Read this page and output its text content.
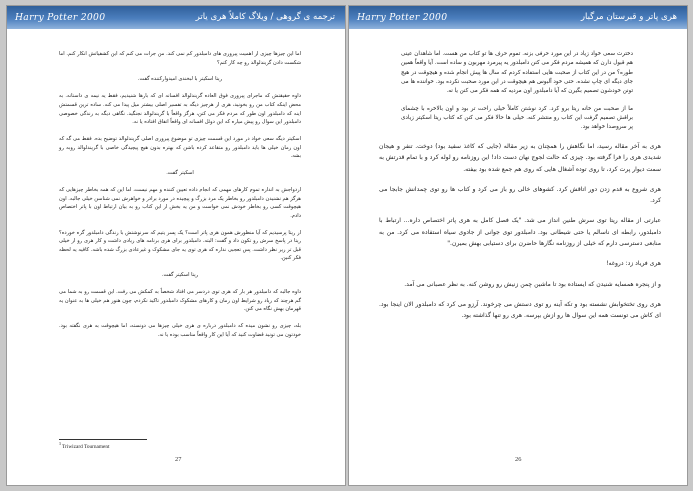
Harry Potter 2000	ترجمه ی گروهی / ویلاگ کاملاً هری یاتر

اما این چیزها چیزی از اهمیت پیروزی های دامبلدور کم نمی کند. من جرات می کنم که این کشفیاتش انکار کنم. اما شکست دادن گریندلوالد رو چه کار کنم؟

ریتا اسکیتر با لبخندی امیدوارکننده گفت.

داوه حقیقتش که ماجرای پیروزی فوق العاده گریندلوالد افسانه ای که بارها شنیدیم، فقط یه نیمه ی داستانه. به محض اینکه کتاب من رو بخونید، هری از هرچیز دیگه به تفسیر اصلی بیشتر میل پیدا می کنه. ساده ترین قسمتش اینه که دامبلدور اون طور که مردم فکر می کنن، هرگز واقعاً با گریندلوالد نجنگید. نگاهی دیگه به زندگی خصوصی دامبلدور این سوال رو پیش میاره که این دوئل افسانه ای واقعاً اتفاق افتاده یا نه.

اسکیتر دیگه سعی خواد در مورد این قسمت چیزی تو موضوع پیروزی اصلی گریندلوالد توضیح بده. فقط می گه که اون زمان خیلی ها باید دامبلدور رو متقاعد کرده باشن که بهتره بدون هیچ پیچیدگی خاصی با گریندلوالد روبه رو بشه.

اسکیتر گفت.

ازدواجش به اندازه تموم کارهای مهمی که انجام داده تعیین کننده و مهم نیست، اما این که همه بخاطر چیزهایی که هرگز هم نشنیدن دامبلدور رو بخاطر یک مرد بزرگ و پیچیده در مورد برادر و خواهرش نمی شناسن خیلی جالبه. اون هیچوقت کسی رو بخاطر خودش نمی خواست و من یه بخش از این کتاب رو به بیان ارتباط اون با پاتر اختصاص دادم.

از ریتا پرسیدیم که آیا منظورش همون هری پاتر است؟ یک پسر یتیم که سرنوشتش با زندگی دامبلدور گره خورده؟ ریتا در پاسخ سرش رو تکون داد و گفت: البته. دامبلدور برای هری برنامه های زیادی داشت و کار هری رو از خیلی قبل تر زیر نظر داشت. پس تعجبی نداره که هری توی یه جای مشکوک و غیرعادی بزرگ شده باشه. کافیه یه لحظه فکر کنین.

ریتا اسکیتر گفت.

داوه جالبه که دامبلدور هر بار که هری توی دردسر می افتاد شخصاً به کمکش می رفت. این قسمت رو به شما می گم هرچند که زیاد رو شرایط اون زمان و کارهای مشکوک دامبلدور تاکید نکردم، چون هنوز هم خیلی ها به عنوان یه قهرمان بهش نگاه می کنن.

بله، چیزی رو نشون میده که دامبلدور درباره ی هری خیلی چیزها می دونسته، اما هیچوقت به هری نگفته بود. خودتون می تونید قضاوت کنید که آیا این کار واقعاً مناسب بوده یا نه.

$^3$ Triwizard Tournament
27
Harry Potter 2000	هری پاتر و قبرستان مرگبار

دخترت سعی خواد زیاد در این مورد حرفی بزنه. تموم حرف ها تو کتاب من هست. اما شاهدان عینی هم قبول دارن که همیشه مردم فکر می کنن دامبلدور یه پیرمرد مهربون و ساده است. آیا واقعاً همین طوره؟ من در این کتاب از صحبت هایی استفاده کردم که سال ها پیش انجام شده و هیچوقت در هیچ جای دیگه ای چاپ نشده. حتی خود آلبوس هم هیچوقت در این مورد صحبت نکرده بود. خواننده ها می تونن خودشون تصمیم بگیرن که آیا دامبلدور اون مردیه که همه فکر می کنن یا نه.

ما از صحبت من خانه ریتا برو کرد. کرد نوشتن کاملاً خیلی راحت تر بود و اون بالاخره با چشمای براقش تصمیم گرفت این کتاب رو منتشر کنه. خیلی ها حالا فکر می کنن که کتاب ریتا اسکیتر زیادی پر سروصدا خواهد بود.

هری به آخر مقاله رسید، اما نگاهش را همچنان به زیر مقاله (جایی که کاغذ سفید بود) دوخت. تنفر و هیجان شدیدی هری را فرا گرفته بود. چیزی که حالت لجوج نهان دست داد! این روزنامه رو لوله کرد و با تمام قدرتش به سمت دیوار پرت کرد، تا روی توده آشغال هایی که روی هم جمع شده بود بیفته.

هری شروع به قدم زدن دور اتاقش کرد. کشوهای خالی رو باز می کرد و کتاب ها رو توی چمدانش جابجا می کرد.

عبارتی از مقاله ریتا توی سرش طنین انداز می شد. "یک فصل کامل به هری پاتر اختصاص داره... ارتباط با دامبلدور، رابطه ای ناسالم یا حتی شیطانی بود. دامبلدور توی جوانی از جادوی سیاه استفاده می کرد. من به منابعی دسترسی دارم که خیلی از روزنامه نگارها حاضرن برای دستیابی بهش بمیرن."

هری فریاد زد: دروغه!

و از پنجره همسایه شنیدن که ایستاده بود تا ماشین چمن زنیش رو روشن کنه. به نظر عصبانی می آمد.

هری روی تختخوابش نشسته بود و تکه آینه رو توی دستش می چرخوند. آرزو می کرد که دامبلدور الان اینجا بود. ای کاش می تونست همه این سوال ها رو ازش بپرسه. هری رو تنها گذاشته بود.

26
